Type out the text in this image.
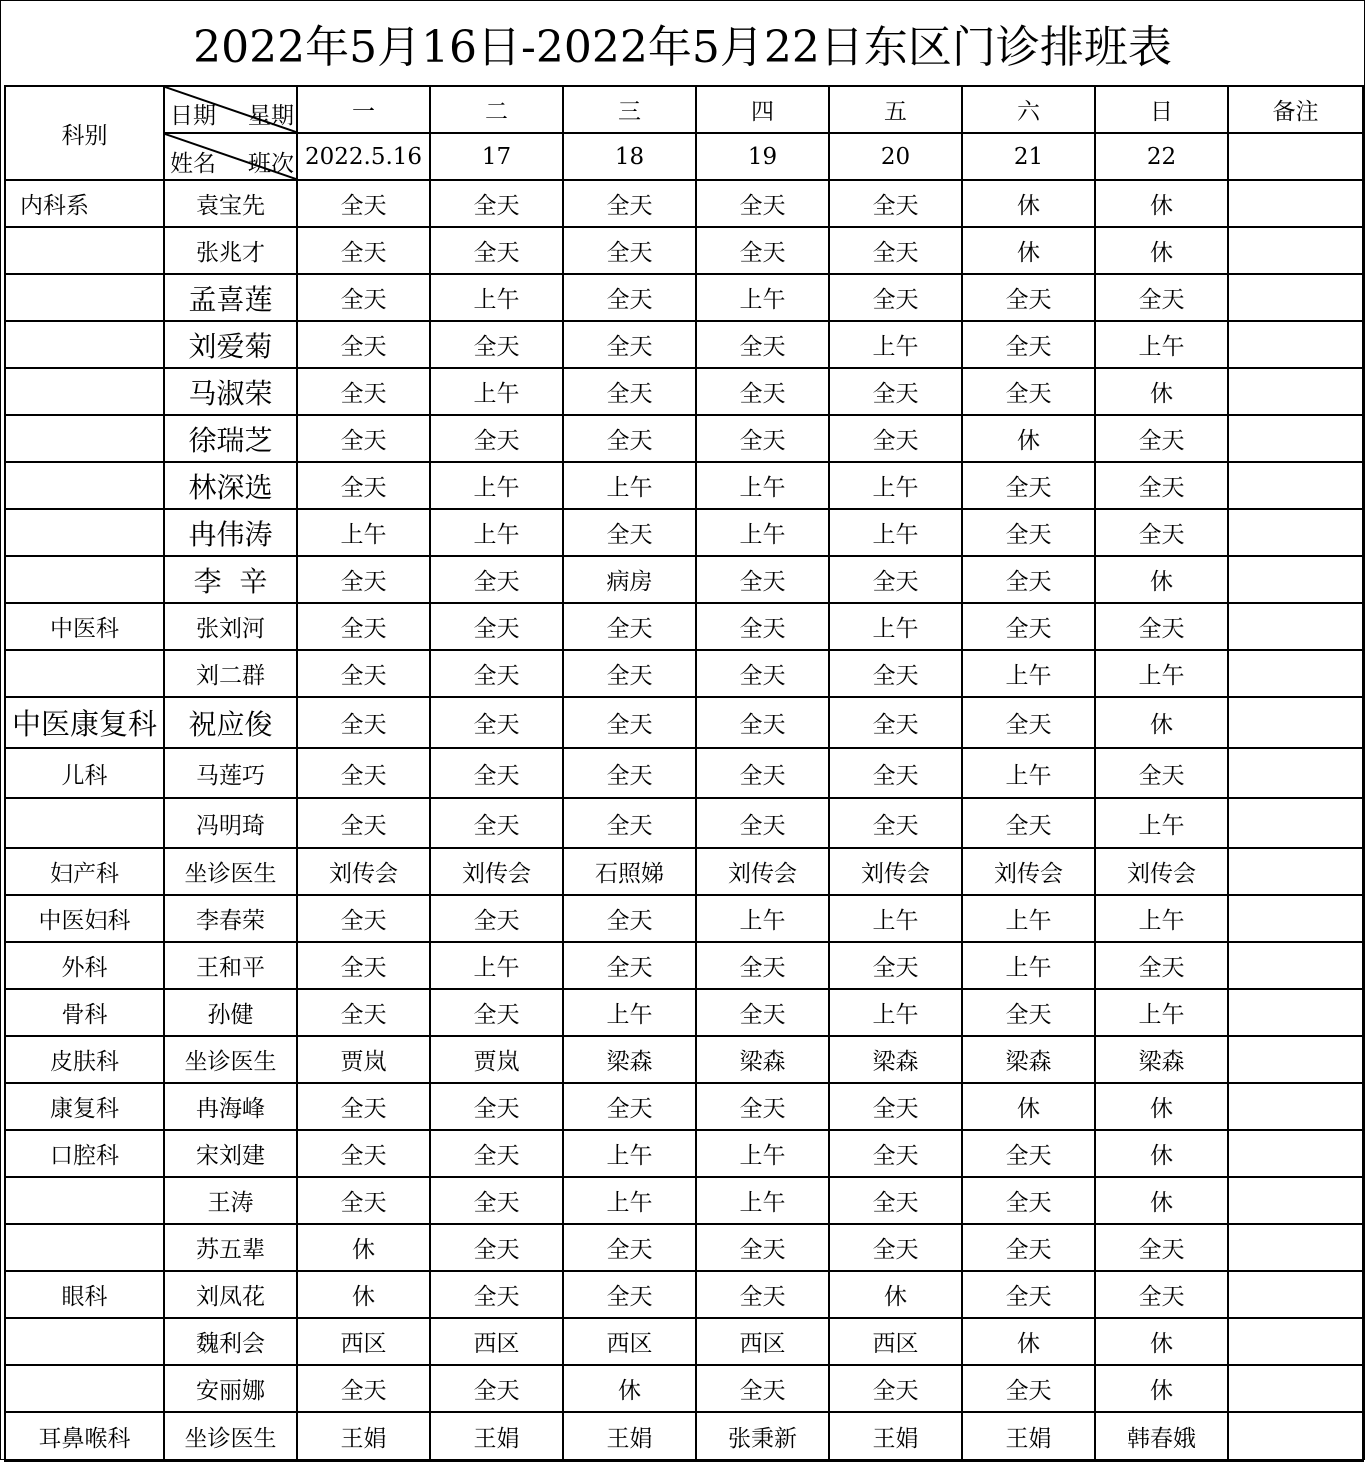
2022年5月16日-2022年5月22日东区门诊排班表
科别	日期 星期	一	二	三	四	五	六	日	备注

	姓名 班次	2022.5.16	17	18	19	20	21	22	
内科系	袁宝先	全天	全天	全天	全天	全天	休	休	
	张兆才	全天	全天	全天	全天	全天	休	休	
	孟喜莲	全天	上午	全天	上午	全天	全天	全天	
	刘爱菊	全天	全天	全天	全天	上午	全天	上午	
	马淑荣	全天	上午	全天	全天	全天	全天	休	
	徐瑞芝	全天	全天	全天	全天	全天	休	全天	
	林深选	全天	上午	上午	上午	上午	全天	全天	
	冉伟涛	上午	上午	全天	上午	上午	全天	全天	
	李  辛	全天	全天	病房	全天	全天	全天	休	
中医科	张刘河	全天	全天	全天	全天	上午	全天	全天	
	刘二群	全天	全天	全天	全天	全天	上午	上午	
中医康复科	祝应俊	全天	全天	全天	全天	全天	全天	休	
儿科	马莲巧	全天	全天	全天	全天	全天	上午	全天	
	冯明琦	全天	全天	全天	全天	全天	全天	上午	
妇产科	坐诊医生	刘传会	刘传会	石照娣	刘传会	刘传会	刘传会	刘传会	
中医妇科	李春荣	全天	全天	全天	上午	上午	上午	上午	
外科	王和平	全天	上午	全天	全天	全天	上午	全天	
骨科	孙健	全天	全天	上午	全天	上午	全天	上午	
皮肤科	坐诊医生	贾岚	贾岚	梁森	梁森	梁森	梁森	梁森	
康复科	冉海峰	全天	全天	全天	全天	全天	休	休	
口腔科	宋刘建	全天	全天	上午	上午	全天	全天	休	
	王涛	全天	全天	上午	上午	全天	全天	休	
	苏五辈	休	全天	全天	全天	全天	全天	全天	
眼科	刘凤花	休	全天	全天	全天	休	全天	全天	
	魏利会	西区	西区	西区	西区	西区	休	休	
	安丽娜	全天	全天	休	全天	全天	全天	休	
耳鼻喉科	坐诊医生	王娟	王娟	王娟	张秉新	王娟	王娟	韩春娥	
